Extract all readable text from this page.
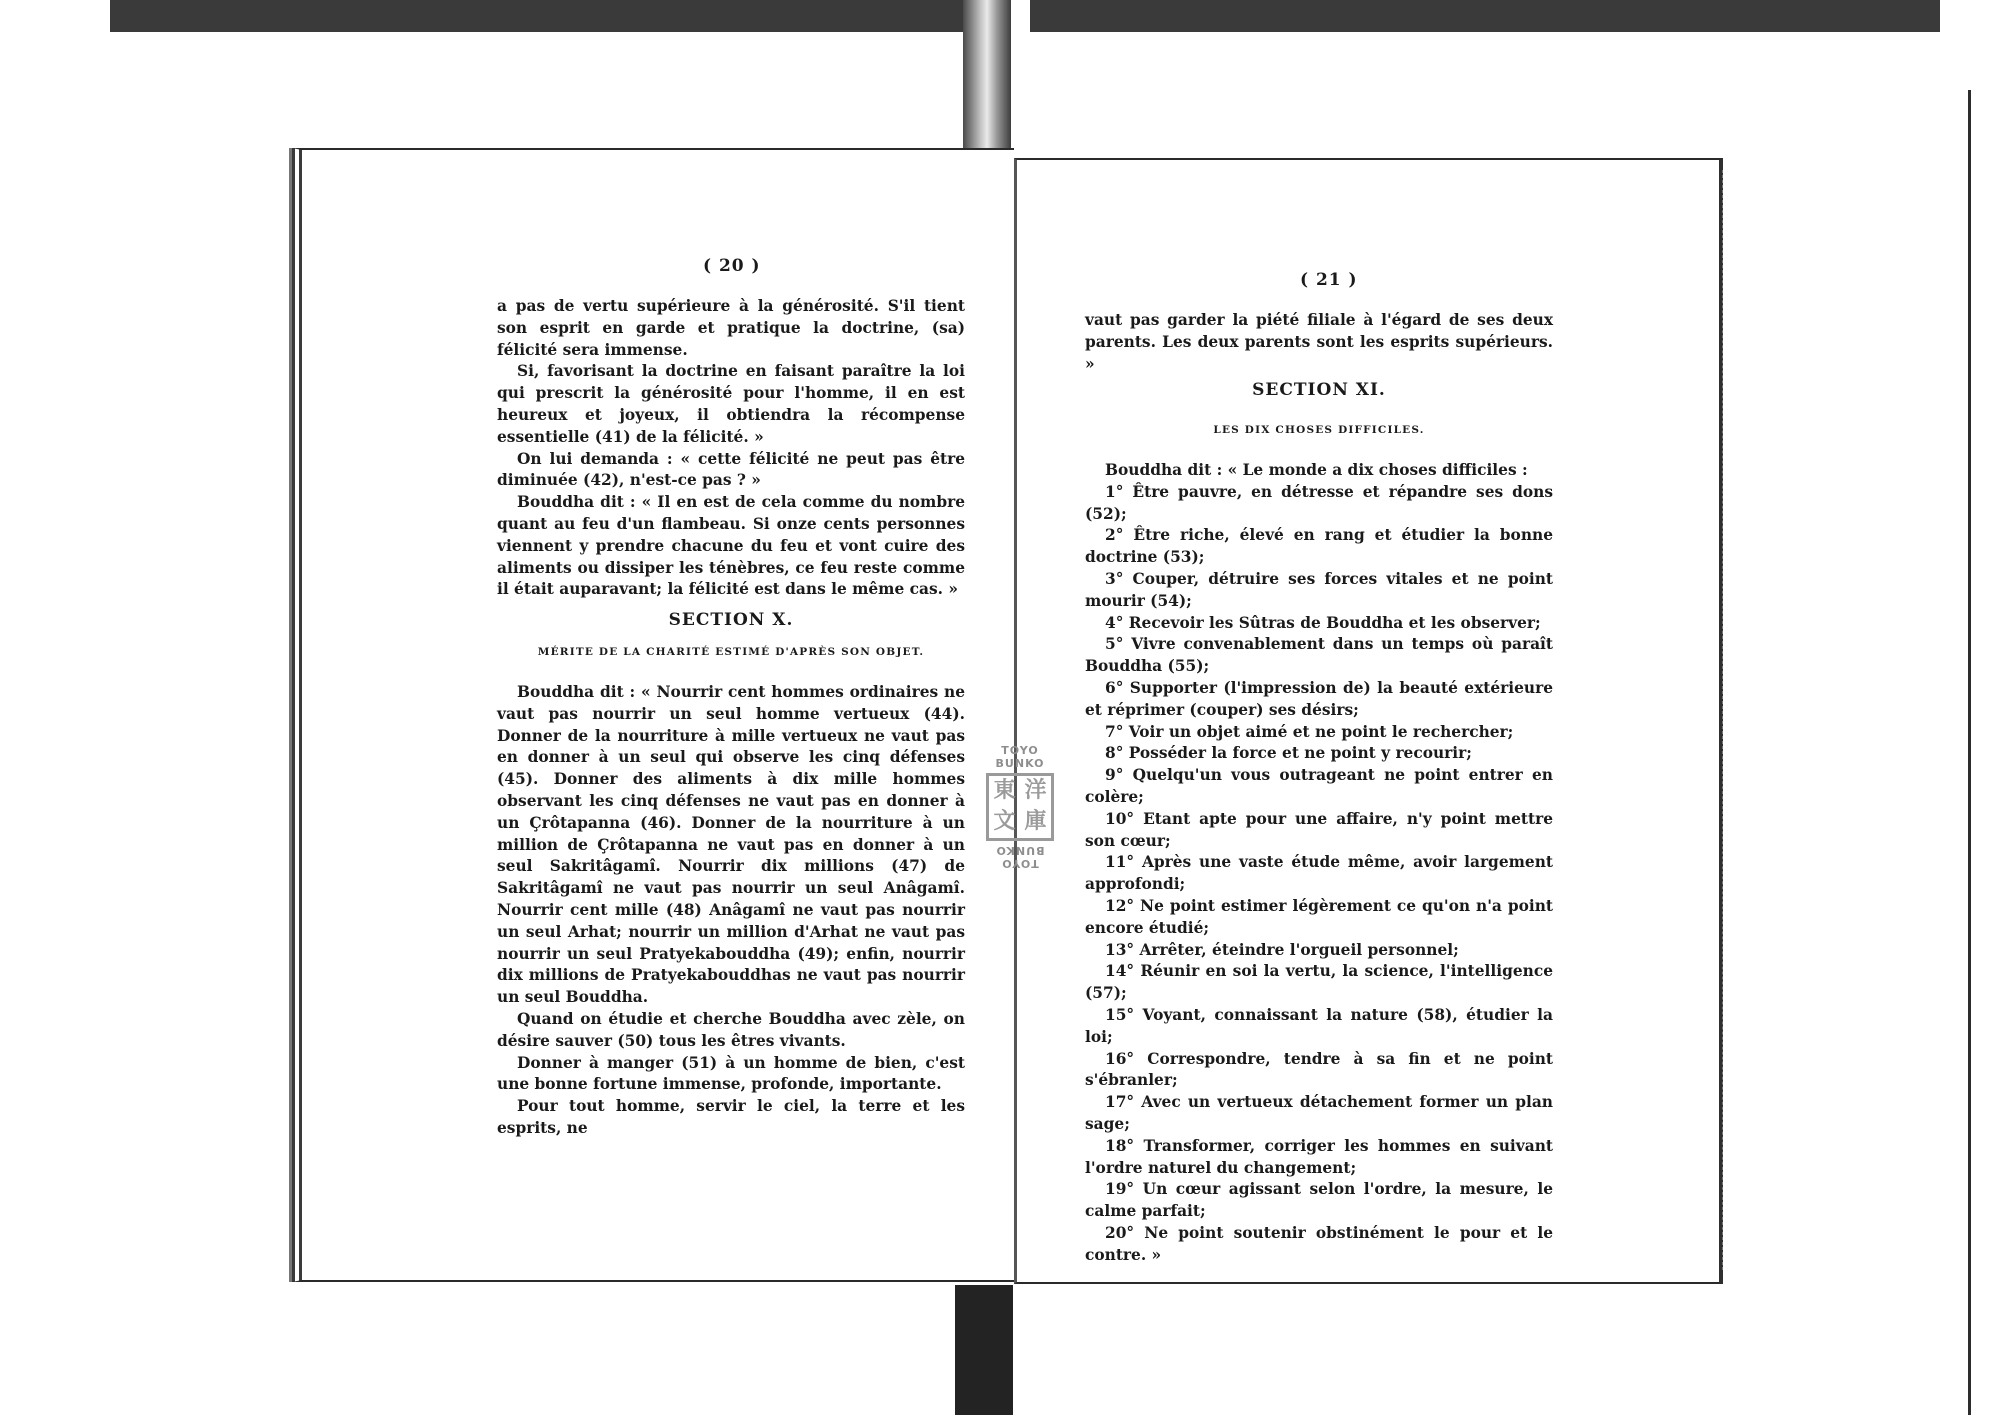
( 20 )

a pas de vertu supérieure à la générosité. S'il tient son esprit en garde et pratique la doctrine, (sa) félicité sera immense.

Si, favorisant la doctrine en faisant paraître la loi qui prescrit la générosité pour l'homme, il en est heureux et joyeux, il obtiendra la récompense essentielle (41) de la félicité. »

On lui demanda : « cette félicité ne peut pas être diminuée (42), n'est-ce pas ? »

Bouddha dit : « Il en est de cela comme du nombre quant au feu d'un flambeau. Si onze cents personnes viennent y prendre chacune du feu et vont cuire des aliments ou dissiper les ténèbres, ce feu reste comme il était auparavant; la félicité est dans le même cas. »

SECTION X.
MÉRITE DE LA CHARITÉ ESTIMÉ D'APRÈS SON OBJET.

Bouddha dit : « Nourrir cent hommes ordinaires ne vaut pas nourrir un seul homme vertueux (44). Donner de la nourriture à mille vertueux ne vaut pas en donner à un seul qui observe les cinq défenses (45). Donner des aliments à dix mille hommes observant les cinq défenses ne vaut pas en donner à un Çrôtapanna (46). Donner de la nourriture à un million de Çrôtapanna ne vaut pas en donner à un seul Sakritâgamî. Nourrir dix millions (47) de Sakritâgamî ne vaut pas nourrir un seul Anâgamî. Nourrir cent mille (48) Anâgamî ne vaut pas nourrir un seul Arhat; nourrir un million d'Arhat ne vaut pas nourrir un seul Pratyekabouddha (49); enfin, nourrir dix millions de Pratyekabouddhas ne vaut pas nourrir un seul Bouddha.

Quand on étudie et cherche Bouddha avec zèle, on désire sauver (50) tous les êtres vivants.

Donner à manger (51) à un homme de bien, c'est une bonne fortune immense, profonde, importante.

Pour tout homme, servir le ciel, la terre et les esprits, ne

( 21 )

vaut pas garder la piété filiale à l'égard de ses deux parents. Les deux parents sont les esprits supérieurs. »

SECTION XI.
LES DIX CHOSES DIFFICILES.

Bouddha dit : « Le monde a dix choses difficiles :

1° Être pauvre, en détresse et répandre ses dons (52);

2° Être riche, élevé en rang et étudier la bonne doctrine (53);

3° Couper, détruire ses forces vitales et ne point mourir (54);

4° Recevoir les Sûtras de Bouddha et les observer;

5° Vivre convenablement dans un temps où paraît Bouddha (55);

6° Supporter (l'impression de) la beauté extérieure et réprimer (couper) ses désirs;

7° Voir un objet aimé et ne point le rechercher;

8° Posséder la force et ne point y recourir;

9° Quelqu'un vous outrageant ne point entrer en colère;

10° Etant apte pour une affaire, n'y point mettre son cœur;

11° Après une vaste étude même, avoir largement approfondi;

12° Ne point estimer légèrement ce qu'on n'a point encore étudié;

13° Arrêter, éteindre l'orgueil personnel;

14° Réunir en soi la vertu, la science, l'intelligence (57);

15° Voyant, connaissant la nature (58), étudier la loi;

16° Correspondre, tendre à sa fin et ne point s'ébranler;

17° Avec un vertueux détachement former un plan sage;

18° Transformer, corriger les hommes en suivant l'ordre naturel du changement;

19° Un cœur agissant selon l'ordre, la mesure, le calme parfait;

20° Ne point soutenir obstinément le pour et le contre. »

TOYO BUNKO
東 洋
文 庫
TOYO BUNKO
